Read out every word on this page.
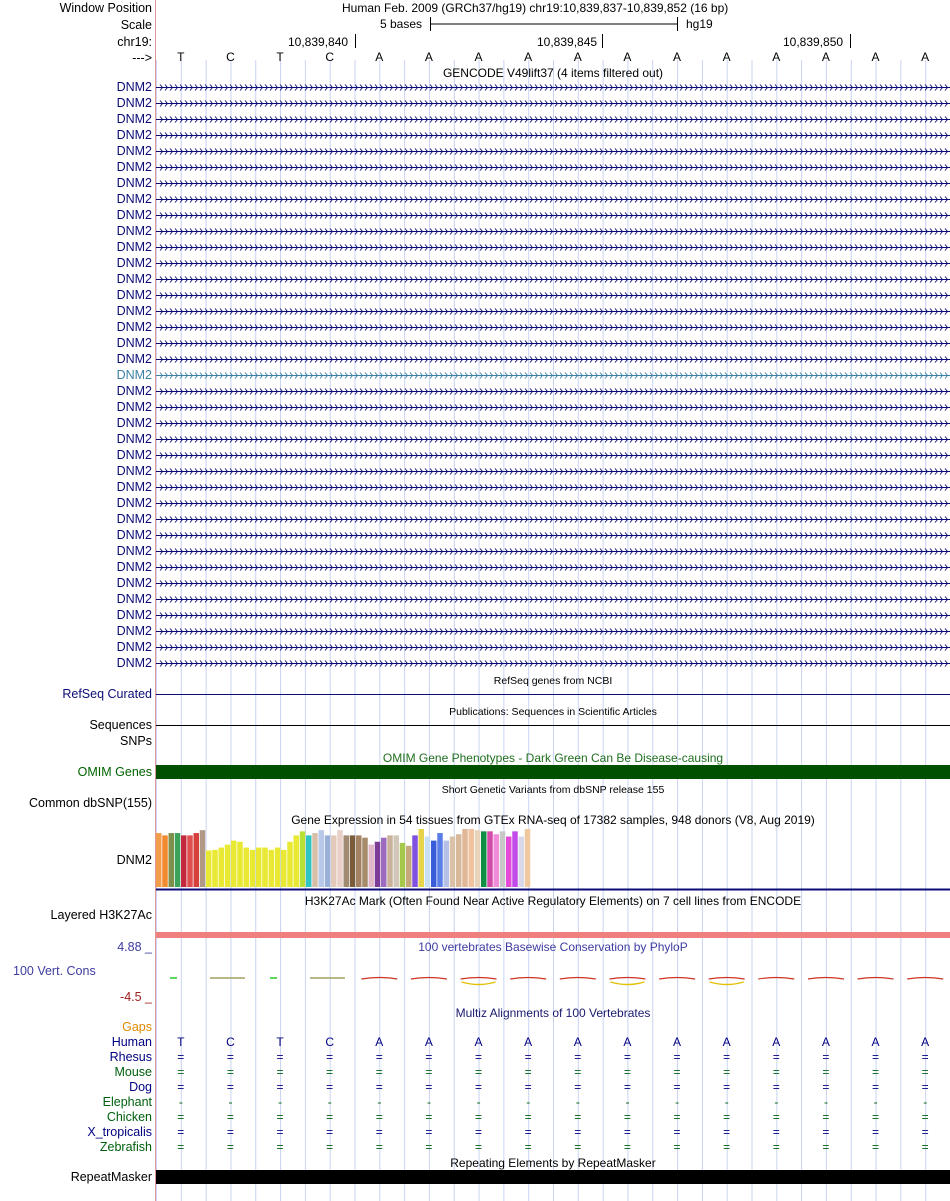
Window Position	Human Feb. 2009 (GRCh37/hg19) chr19:10,839,837-10,839,852 (16 bp)
Scale	5 bases	hg19
chr19:	10,839,840	10,839,845	10,839,850
--->	T	C	T	C	A	A	A	A	A	A	A	A	A	A	A	A
GENCODE V49lift37 (4 items filtered out)
DNM2
DNM2
DNM2
DNM2
DNM2
DNM2
DNM2
DNM2
DNM2
DNM2
DNM2
DNM2
DNM2
DNM2
DNM2
DNM2
DNM2
DNM2
DNM2
DNM2
DNM2
DNM2
DNM2
DNM2
DNM2
DNM2
DNM2
DNM2
DNM2
DNM2
DNM2
DNM2
DNM2
DNM2
DNM2
DNM2
DNM2
RefSeq genes from NCBI
RefSeq Curated
Publications: Sequences in Scientific Articles
Sequences
SNPs
OMIM Gene Phenotypes - Dark Green Can Be Disease-causing
OMIM Genes
Short Genetic Variants from dbSNP release 155
Common dbSNP(155)
Gene Expression in 54 tissues from GTEx RNA-seq of 17382 samples, 948 donors (V8, Aug 2019)
DNM2
H3K27Ac Mark (Often Found Near Active Regulatory Elements) on 7 cell lines from ENCODE
Layered H3K27Ac
4.88 _	100 vertebrates Basewise Conservation by PhyloP
100 Vert. Cons
-4.5 _
Multiz Alignments of 100 Vertebrates
Gaps
Human	T	C	T	C	A	A	A	A	A	A	A	A	A	A	A	A
Rhesus	=	=	=	=	=	=	=	=	=	=	=	=	=	=	=	=
Mouse	=	=	=	=	=	=	=	=	=	=	=	=	=	=	=	=
Dog	=	=	=	=	=	=	=	=	=	=	=	=	=	=	=	=
Elephant	-	-	-	-	-	-	-	-	-	-	-	-	-	-	-	-
Chicken	=	=	=	=	=	=	=	=	=	=	=	=	=	=	=	=
X_tropicalis	=	=	=	=	=	=	=	=	=	=	=	=	=	=	=	=
Zebrafish	=	=	=	=	=	=	=	=	=	=	=	=	=	=	=	=
Repeating Elements by RepeatMasker
RepeatMasker
